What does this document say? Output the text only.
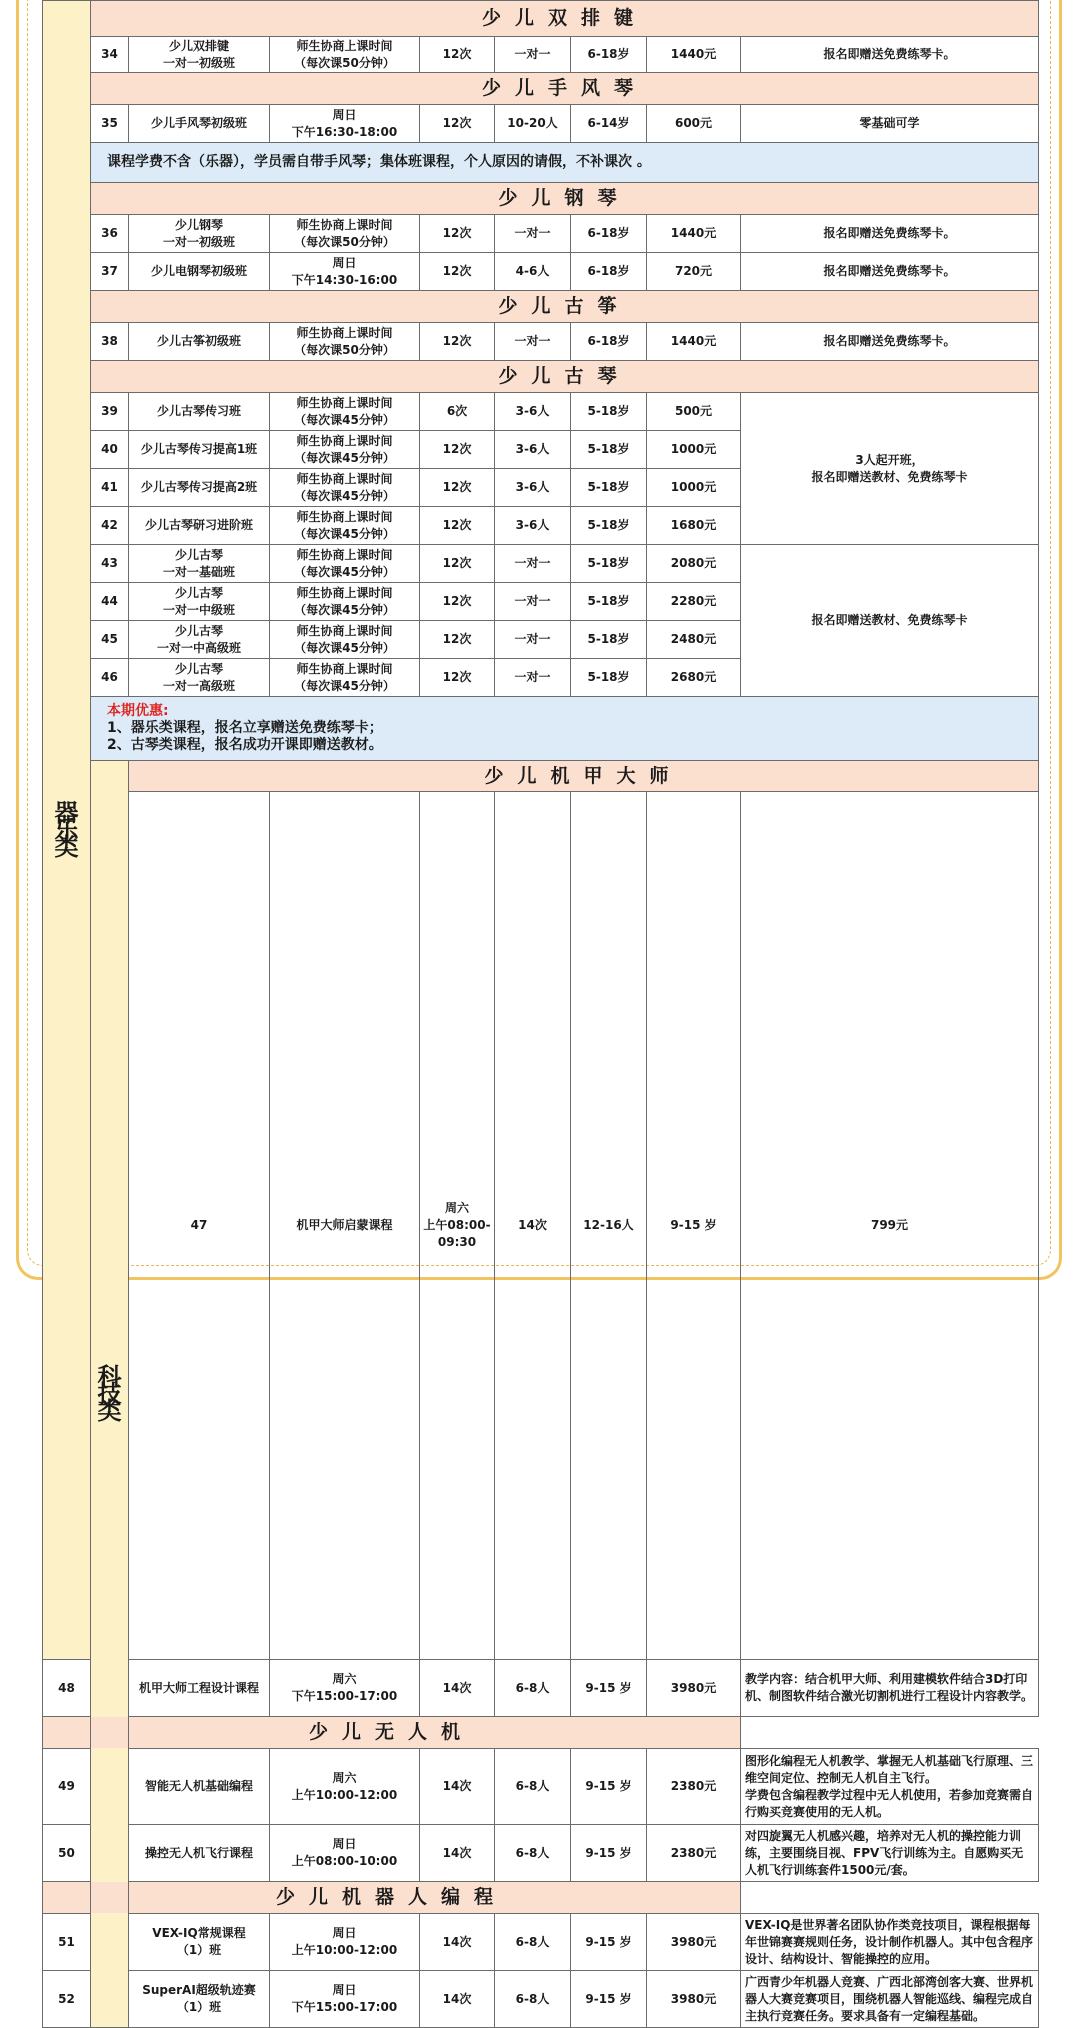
器
乐
类	少儿双排键								
	34	少儿双排键
一对一初级班	师生协商上课时间
（每次课50分钟）	12次	一对一	6-18岁	1440元	报名即赠送免费练琴卡。	
	少儿手风琴								
	35	少儿手风琴初级班	周日
下午16:30-18:00	12次	10-20人	6-14岁	600元	零基础可学	
	课程学费不含（乐器），学员需自带手风琴；集体班课程，个人原因的请假，不补课次 。								
	少儿钢琴								
	36	少儿钢琴
一对一初级班	师生协商上课时间
（每次课50分钟）	12次	一对一	6-18岁	1440元	报名即赠送免费练琴卡。	
	37	少儿电钢琴初级班	周日
下午14:30-16:00	12次	4-6人	6-18岁	720元	报名即赠送免费练琴卡。	
	少儿古筝								
	38	少儿古筝初级班	师生协商上课时间
（每次课50分钟）	12次	一对一	6-18岁	1440元	报名即赠送免费练琴卡。	
	少儿古琴								
	39	少儿古琴传习班	师生协商上课时间
（每次课45分钟）	6次	3-6人	5-18岁	500元	3人起开班，
报名即赠送教材、免费练琴卡	
	40	少儿古琴传习提高1班	师生协商上课时间
（每次课45分钟）	12次	3-6人	5-18岁	1000元		
	41	少儿古琴传习提高2班	师生协商上课时间
（每次课45分钟）	12次	3-6人	5-18岁	1000元		
	42	少儿古琴研习进阶班	师生协商上课时间
（每次课45分钟）	12次	3-6人	5-18岁	1680元		
	43	少儿古琴
一对一基础班	师生协商上课时间
（每次课45分钟）	12次	一对一	5-18岁	2080元	报名即赠送教材、免费练琴卡	
	44	少儿古琴
一对一中级班	师生协商上课时间
（每次课45分钟）	12次	一对一	5-18岁	2280元		
	45	少儿古琴
一对一中高级班	师生协商上课时间
（每次课45分钟）	12次	一对一	5-18岁	2480元		
	46	少儿古琴
一对一高级班	师生协商上课时间
（每次课45分钟）	12次	一对一	5-18岁	2680元		

	本期优惠:
1、器乐类课程，报名立享赠送免费练琴卡；
2、古琴类课程，报名成功开课即赠送教材。								

	科
技
类	少儿机甲大师							
		47	机甲大师启蒙课程	周六
上午08:00-09:30	14次	12-16人	9-15 岁	799元	
48		机甲大师工程设计课程	周六
下午15:00-17:00	14次	6-8人	9-15 岁	3980元	教学内容：结合机甲大师、利用建模软件结合3D打印机、制图软件结合激光切割机进行工程设计内容教学。	
少儿无人机									
49		智能无人机基础编程	周六
上午10:00-12:00	14次	6-8人	9-15 岁	2380元	图形化编程无人机教学、掌握无人机基础飞行原理、三维空间定位、控制无人机自主飞行。
学费包含编程教学过程中无人机使用，若参加竞赛需自行购买竞赛使用的无人机。	
50		操控无人机飞行课程	周日
上午08:00-10:00	14次	6-8人	9-15 岁	2380元	对四旋翼无人机感兴趣，培养对无人机的操控能力训练，主要围绕目视、FPV飞行训练为主。自愿购买无人机飞行训练套件1500元/套。	
少儿机器人编程									
51		VEX-IQ常规课程
（1）班	周日
上午10:00-12:00	14次	6-8人	9-15 岁	3980元	VEX-IQ是世界著名团队协作类竞技项目，课程根据每年世锦赛赛规则任务，设计制作机器人。其中包含程序设计、结构设计、智能操控的应用。	
52		SuperAI超级轨迹赛
（1）班	周日
下午15:00-17:00	14次	6-8人	9-15 岁	3980元	广西青少年机器人竞赛、广西北部湾创客大赛、世界机器人大赛竞赛项目，围绕机器人智能巡线、编程完成自主执行竞赛任务。要求具备有一定编程基础。	
